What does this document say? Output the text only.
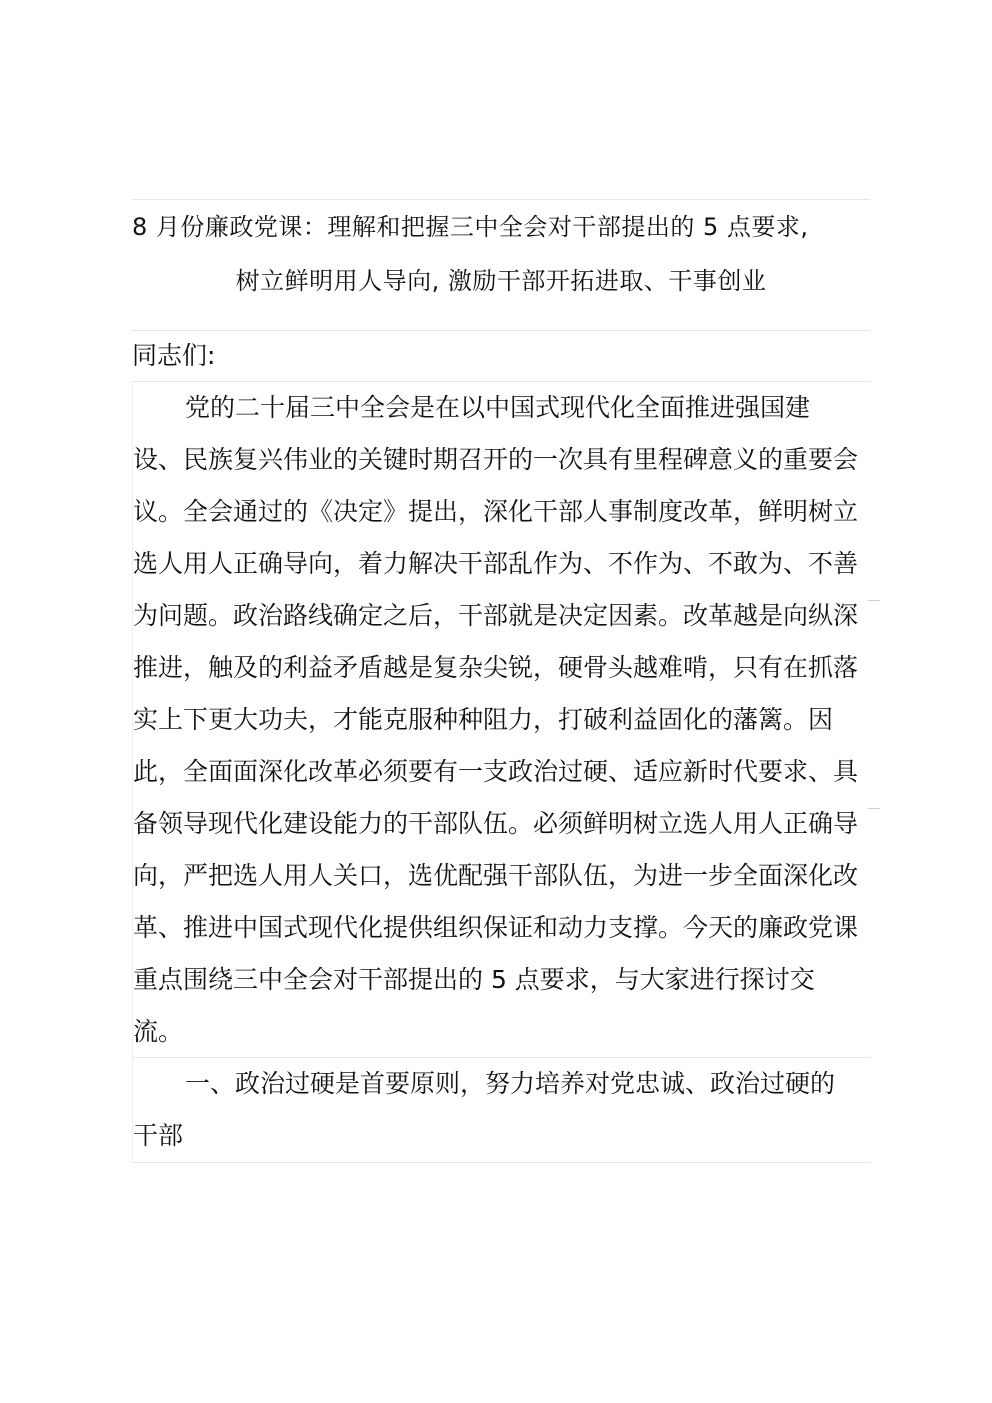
8 月份廉政党课：理解和把握三中全会对干部提出的 5 点要求,
树立鲜明用人导向, 激励干部开拓进取、干事创业
同志们:

党的二十届三中全会是在以中国式现代化全面推进强国建设、民族复兴伟业的关键时期召开的一次具有里程碑意义的重要会议。全会通过的《决定》提出，深化干部人事制度改革，鲜明树立选人用人正确导向，着力解决干部乱作为、不作为、不敢为、不善为问题。政治路线确定之后，干部就是决定因素。改革越是向纵深推进，触及的利益矛盾越是复杂尖锐，硬骨头越难啃，只有在抓落实上下更大功夫，才能克服种种阻力，打破利益固化的藩篱。因此，全面面深化改革必须要有一支政治过硬、适应新时代要求、具备领导现代化建设能力的干部队伍。必须鲜明树立选人用人正确导向，严把选人用人关口，选优配强干部队伍，为进一步全面深化改革、推进中国式现代化提供组织保证和动力支撑。今天的廉政党课重点围绕三中全会对干部提出的 5 点要求，与大家进行探讨交流。

一、政治过硬是首要原则，努力培养对党忠诚、政治过硬的干部
